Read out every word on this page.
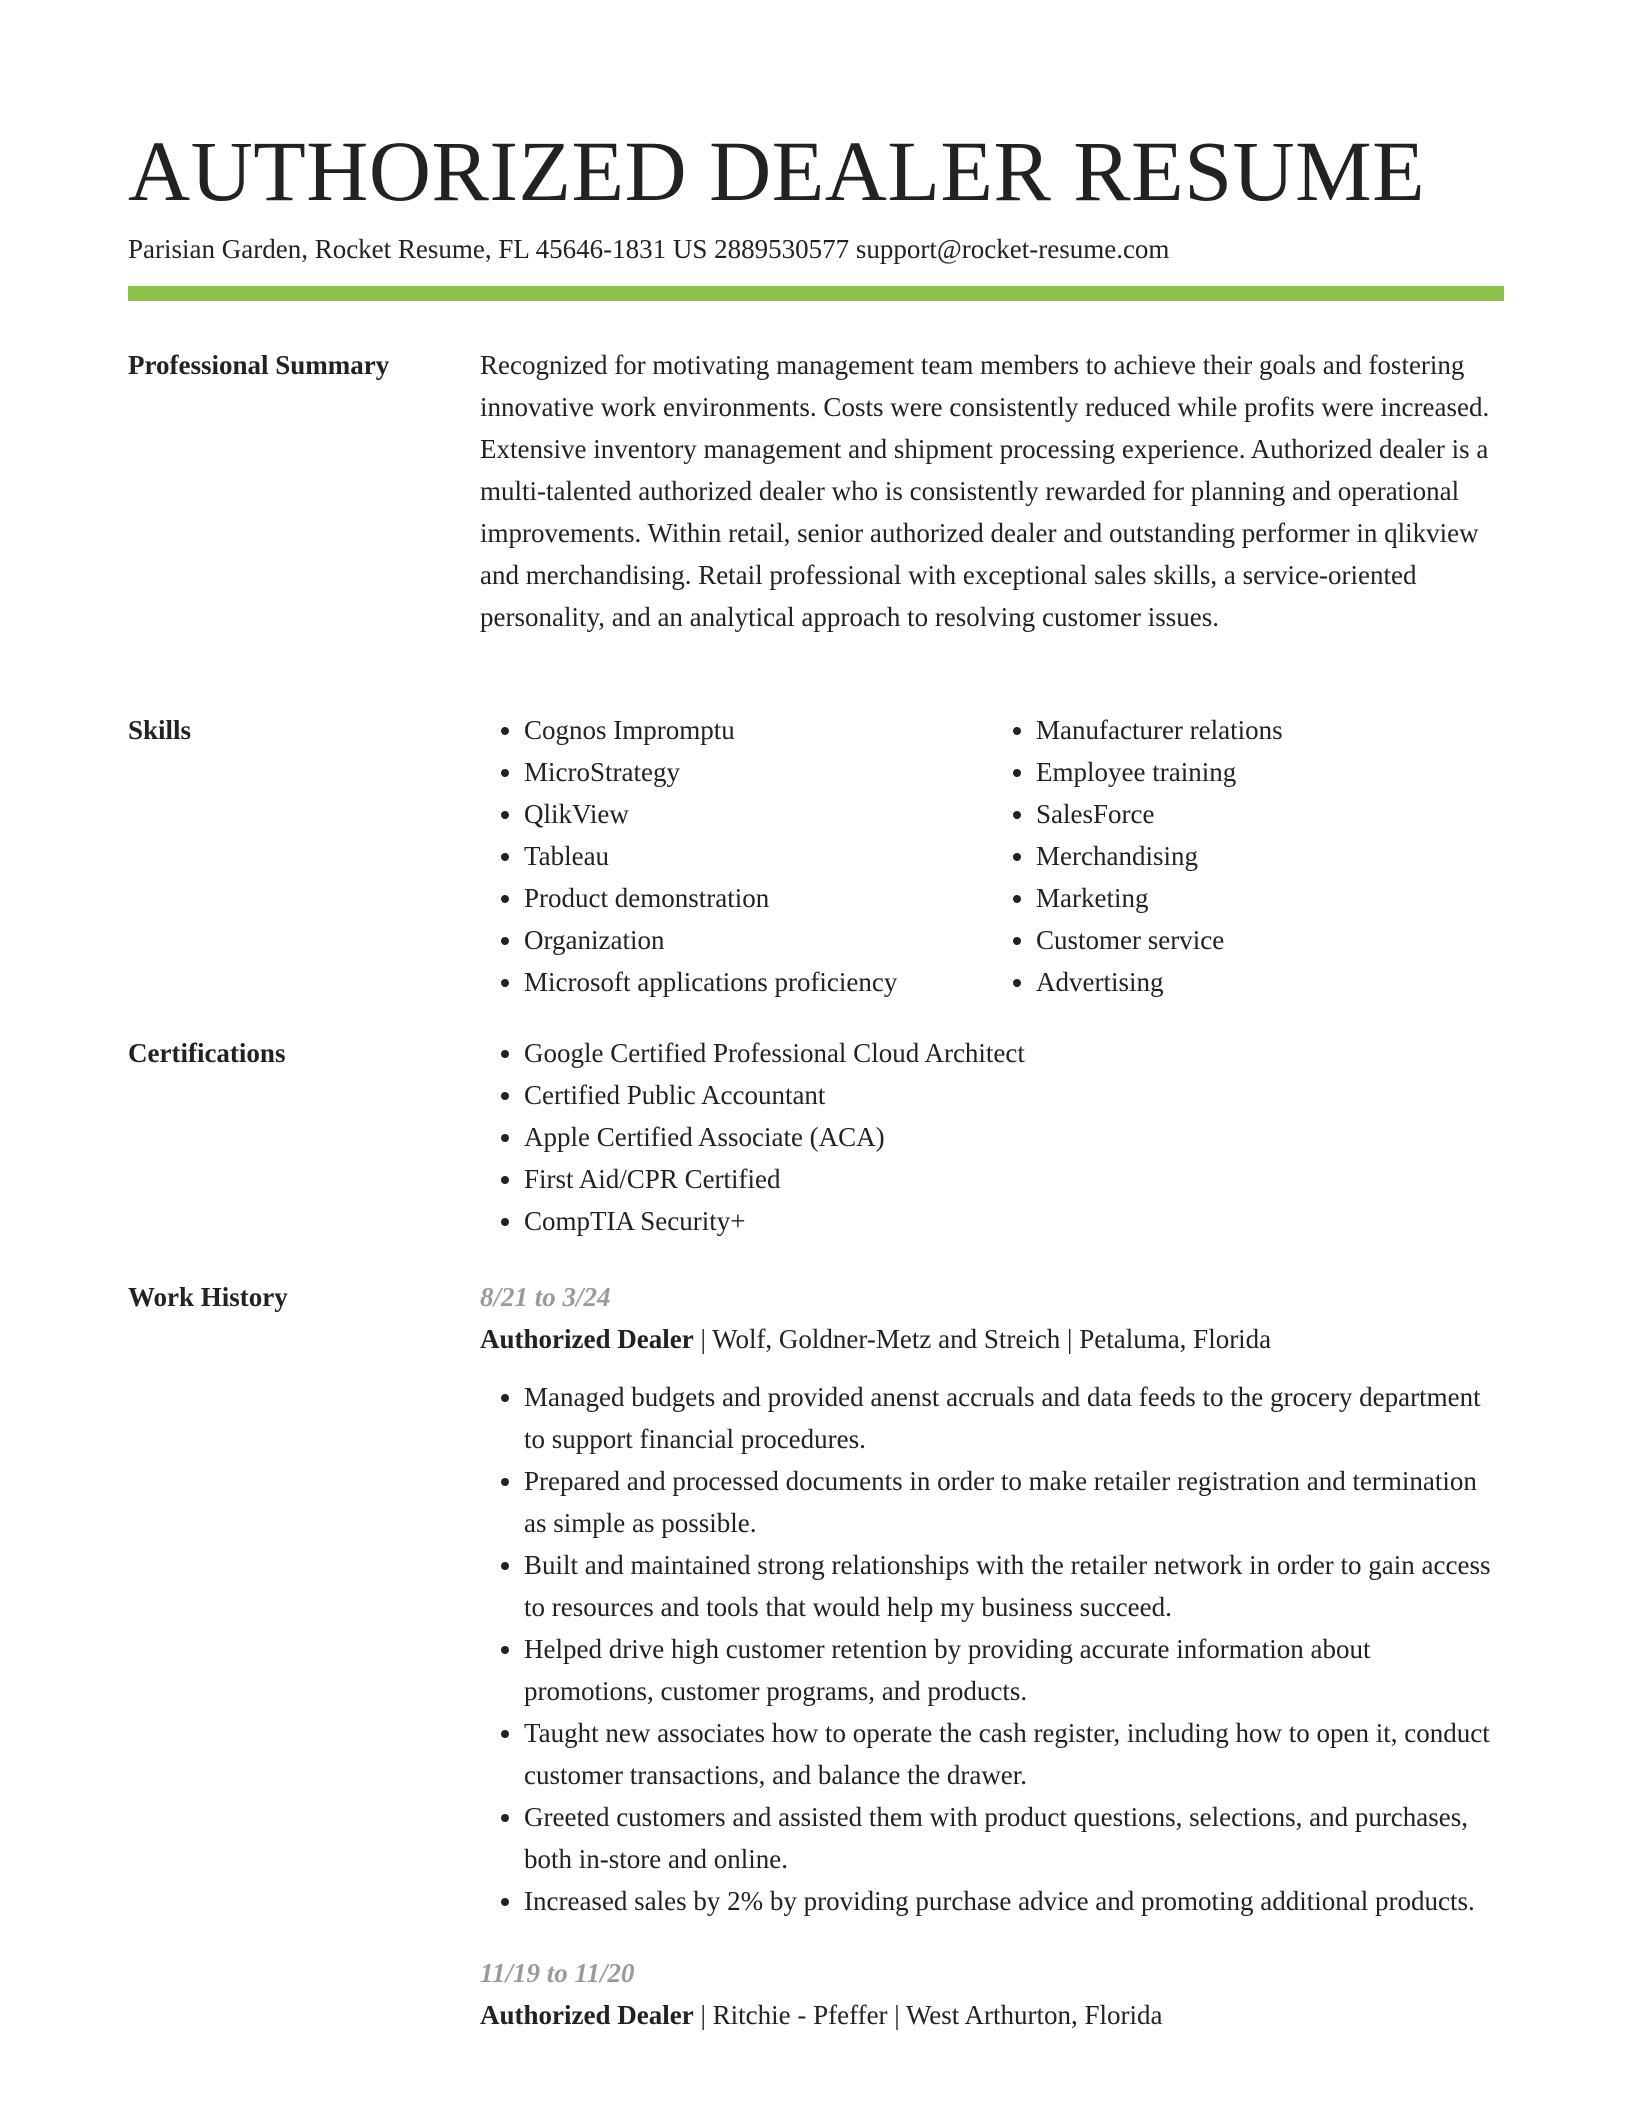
AUTHORIZED DEALER RESUME

Parisian Garden, Rocket Resume, FL 45646-1831 US 2889530577 support@rocket-resume.com

Professional Summary	Recognized for motivating management team members to achieve their goals and fostering innovative work environments. Costs were consistently reduced while profits were increased. Extensive inventory management and shipment processing experience. Authorized dealer is a multi-talented authorized dealer who is consistently rewarded for planning and operational improvements. Within retail, senior authorized dealer and outstanding performer in qlikview and merchandising. Retail professional with exceptional sales skills, a service-oriented personality, and an analytical approach to resolving customer issues.

Skills	• Cognos Impromptu
• MicroStrategy
• QlikView
• Tableau
• Product demonstration
• Organization
• Microsoft applications proficiency
• Manufacturer relations
• Employee training
• SalesForce
• Merchandising
• Marketing
• Customer service
• Advertising
Certifications	• Google Certified Professional Cloud Architect
• Certified Public Accountant
• Apple Certified Associate (ACA)
• First Aid/CPR Certified
• CompTIA Security+
Work History	8/21 to 3/24
Authorized Dealer | Wolf, Goldner-Metz and Streich | Petaluma, Florida
• Managed budgets and provided anenst accruals and data feeds to the grocery department to support financial procedures.
• Prepared and processed documents in order to make retailer registration and termination as simple as possible.
• Built and maintained strong relationships with the retailer network in order to gain access to resources and tools that would help my business succeed.
• Helped drive high customer retention by providing accurate information about promotions, customer programs, and products.
• Taught new associates how to operate the cash register, including how to open it, conduct customer transactions, and balance the drawer.
• Greeted customers and assisted them with product questions, selections, and purchases, both in-store and online.
• Increased sales by 2% by providing purchase advice and promoting additional products.
11/19 to 11/20
Authorized Dealer | Ritchie - Pfeffer | West Arthurton, Florida
